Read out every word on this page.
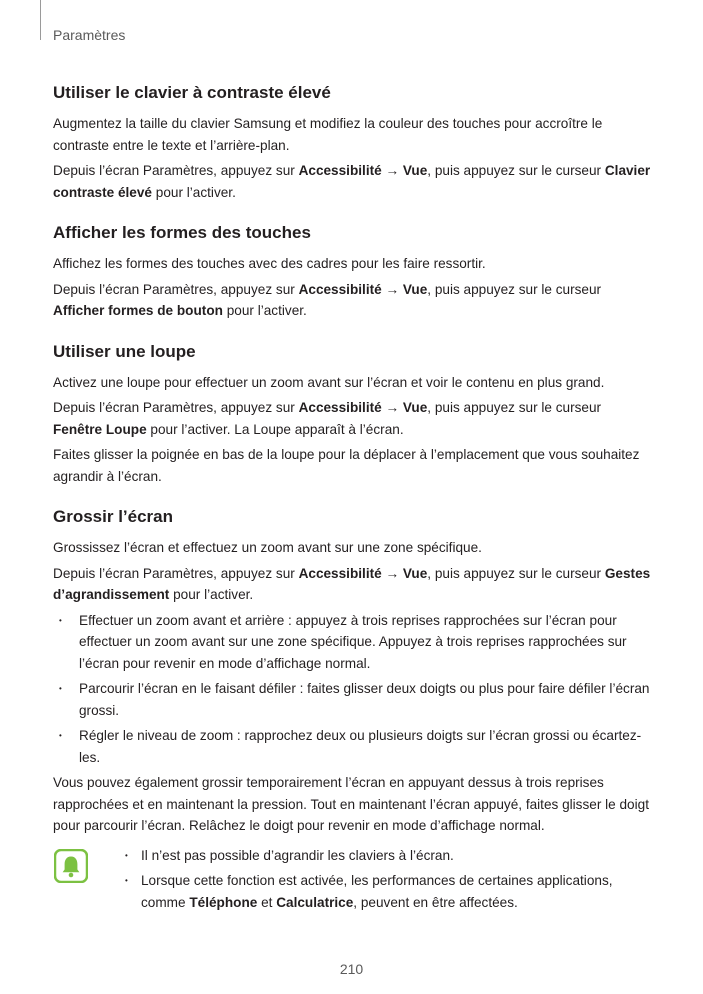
Paramètres
Utiliser le clavier à contraste élevé

Augmentez la taille du clavier Samsung et modifiez la couleur des touches pour accroître le contraste entre le texte et l’arrière-plan.

Depuis l’écran Paramètres, appuyez sur Accessibilité → Vue, puis appuyez sur le curseur Clavier contraste élevé pour l’activer.

Afficher les formes des touches

Affichez les formes des touches avec des cadres pour les faire ressortir.

Depuis l’écran Paramètres, appuyez sur Accessibilité → Vue, puis appuyez sur le curseur Afficher formes de bouton pour l’activer.

Utiliser une loupe

Activez une loupe pour effectuer un zoom avant sur l’écran et voir le contenu en plus grand.

Depuis l’écran Paramètres, appuyez sur Accessibilité → Vue, puis appuyez sur le curseur Fenêtre Loupe pour l’activer. La Loupe apparaît à l’écran.

Faites glisser la poignée en bas de la loupe pour la déplacer à l’emplacement que vous souhaitez agrandir à l’écran.

Grossir l’écran

Grossissez l’écran et effectuez un zoom avant sur une zone spécifique.

Depuis l’écran Paramètres, appuyez sur Accessibilité → Vue, puis appuyez sur le curseur Gestes d’agrandissement pour l’activer.

• Effectuer un zoom avant et arrière : appuyez à trois reprises rapprochées sur l’écran pour effectuer un zoom avant sur une zone spécifique. Appuyez à trois reprises rapprochées sur l’écran pour revenir en mode d’affichage normal.
• Parcourir l’écran en le faisant défiler : faites glisser deux doigts ou plus pour faire défiler l’écran grossi.
• Régler le niveau de zoom : rapprochez deux ou plusieurs doigts sur l’écran grossi ou écartez-les.

Vous pouvez également grossir temporairement l’écran en appuyant dessus à trois reprises rapprochées et en maintenant la pression. Tout en maintenant l’écran appuyé, faites glisser le doigt pour parcourir l’écran. Relâchez le doigt pour revenir en mode d’affichage normal.

• Il n’est pas possible d’agrandir les claviers à l’écran.
• Lorsque cette fonction est activée, les performances de certaines applications, comme Téléphone et Calculatrice, peuvent en être affectées.
210
